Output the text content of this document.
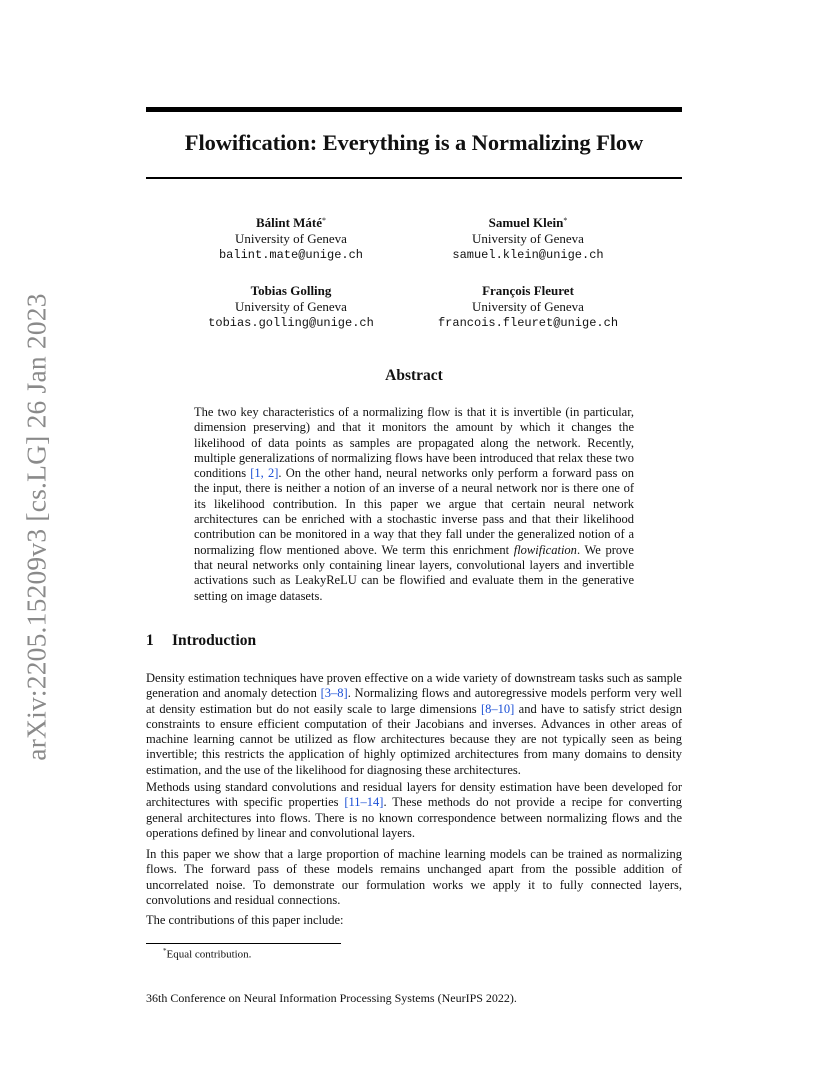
arXiv:2205.15209v3 [cs.LG] 26 Jan 2023
Flowification: Everything is a Normalizing Flow
Bálint Máté*
University of Geneva
balint.mate@unige.ch
Samuel Klein*
University of Geneva
samuel.klein@unige.ch
Tobias Golling
University of Geneva
tobias.golling@unige.ch
François Fleuret
University of Geneva
francois.fleuret@unige.ch
Abstract

The two key characteristics of a normalizing flow is that it is invertible (in particular, dimension preserving) and that it monitors the amount by which it changes the likelihood of data points as samples are propagated along the network. Recently, multiple generalizations of normalizing flows have been introduced that relax these two conditions [1, 2]. On the other hand, neural networks only perform a forward pass on the input, there is neither a notion of an inverse of a neural network nor is there one of its likelihood contribution. In this paper we argue that certain neural network architectures can be enriched with a stochastic inverse pass and that their likelihood contribution can be monitored in a way that they fall under the generalized notion of a normalizing flow mentioned above. We term this enrichment flowification. We prove that neural networks only containing linear layers, convolutional layers and invertible activations such as LeakyReLU can be flowified and evaluate them in the generative setting on image datasets.

1 Introduction

Density estimation techniques have proven effective on a wide variety of downstream tasks such as sample generation and anomaly detection [3–8]. Normalizing flows and autoregressive models perform very well at density estimation but do not easily scale to large dimensions [8–10] and have to satisfy strict design constraints to ensure efficient computation of their Jacobians and inverses. Advances in other areas of machine learning cannot be utilized as flow architectures because they are not typically seen as being invertible; this restricts the application of highly optimized architectures from many domains to density estimation, and the use of the likelihood for diagnosing these architectures.

Methods using standard convolutions and residual layers for density estimation have been developed for architectures with specific properties [11–14]. These methods do not provide a recipe for converting general architectures into flows. There is no known correspondence between normalizing flows and the operations defined by linear and convolutional layers.

In this paper we show that a large proportion of machine learning models can be trained as normalizing flows. The forward pass of these models remains unchanged apart from the possible addition of uncorrelated noise. To demonstrate our formulation works we apply it to fully connected layers, convolutions and residual connections.

The contributions of this paper include:

*Equal contribution.

36th Conference on Neural Information Processing Systems (NeurIPS 2022).
